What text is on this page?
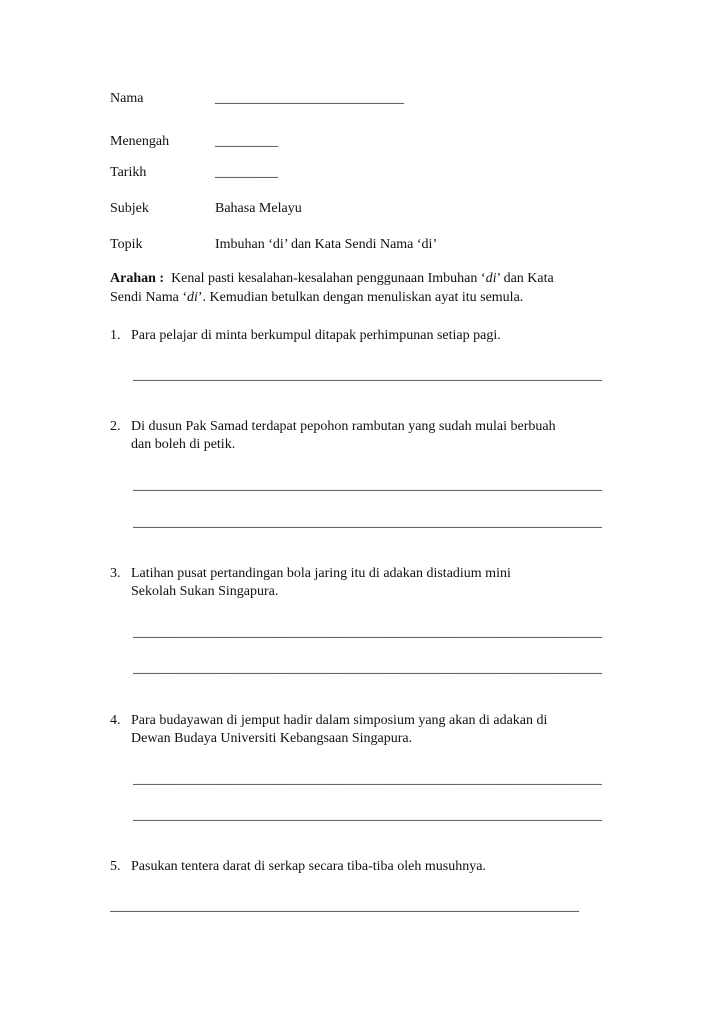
Nama	___________________________
Menengah	_________
Tarikh	_________
Subjek	Bahasa Melayu
Topik	Imbuhan ‘di’ dan Kata Sendi Nama ‘di’
Arahan :  Kenal pasti kesalahan-kesalahan penggunaan Imbuhan ‘di’ dan Kata
Sendi Nama ‘di’. Kemudian betulkan dengan menuliskan ayat itu semula.
1. Para pelajar di minta berkumpul ditapak perhimpunan setiap pagi.
___________________________________________________________________
2. Di dusun Pak Samad terdapat pepohon rambutan yang sudah mulai berbuah
dan boleh di petik.
___________________________________________________________________
___________________________________________________________________
3. Latihan pusat pertandingan bola jaring itu di adakan distadium mini
Sekolah Sukan Singapura.
___________________________________________________________________
___________________________________________________________________
4. Para budayawan di jemput hadir dalam simposium yang akan di adakan di
Dewan Budaya Universiti Kebangsaan Singapura.
___________________________________________________________________
___________________________________________________________________
5. Pasukan tentera darat di serkap secara tiba-tiba oleh musuhnya.
___________________________________________________________________
